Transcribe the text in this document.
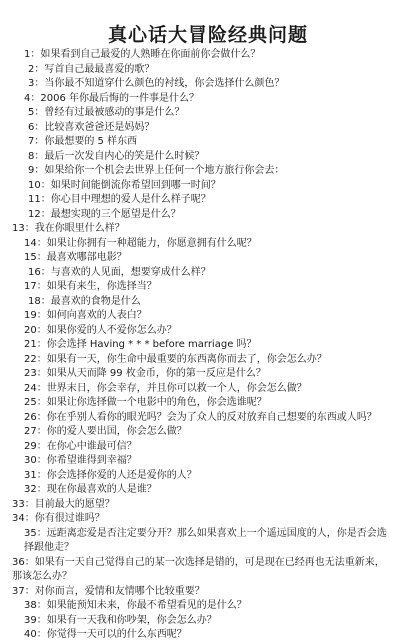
真心话大冒险经典问题
1：如果看到自己最爱的人熟睡在你面前你会做什么？
2：写首自己最最喜爱的歌？
3：当你最不知道穿什么颜色的衬线，你会选择什么颜色？
4：2006 年你最后悔的一件事是什么？
5：曾经有过最被感动的事是什么？
6：比较喜欢爸爸还是妈妈？
7：你最想要的 5 样东西
8：最后一次发自内心的笑是什么时候？
9：如果给你一个机会去世界上任何一个地方旅行你会去：
10：如果时间能倒流你希望回到哪一时间？
11：你心目中理想的爱人是什么样子呢？
12：最想实现的三个愿望是什么？
13：我在你眼里什么样？
14：如果让你拥有一种超能力，你愿意拥有什么呢？
15：最喜欢哪部电影？
16：与喜欢的人见面，想要穿成什么样？
17：如果有来生，你选择当？
18：最喜欢的食物是什么
19：如何向喜欢的人表白？
20：如果你爱的人不爱你怎么办？
21：你会选择 Having * * * before marriage 吗？
22：如果有一天，你生命中最重要的东西离你而去了，你会怎么办？
23：如果从天而降 99 枚金币，你的第一反应是什么？
24：世界末日，你会幸存，并且你可以救一个人，你会怎么做？
25：如果让你选择做一个电影中的角色，你会选谁呢？
26：你在乎别人看你的眼光吗？会为了众人的反对放弃自己想要的东西或人吗？
27：你的爱人要出国，你会怎么做？
29：在你心中谁最可信？
30：你希望谁得到幸福？
31：你会选择你爱的人还是爱你的人？
32：现在你最喜欢的人是谁？
33：目前最大的愿望？
34：你有很过谁吗？
35：远距离恋爱是否注定要分开？那么如果喜欢上一个遥远国度的人，你是否会选择跟他走？
36：如果有一天自己觉得自己的某一次选择是错的，可是现在已经再也无法重新来，那该怎么办？
37：对你而言，爱情和友情哪个比较重要？
38：如果能预知未来，你最不希望看见的是什么？
39：如果有一天我和你吵架，你会怎么办？
40：你觉得一天可以的什么东西呢？
